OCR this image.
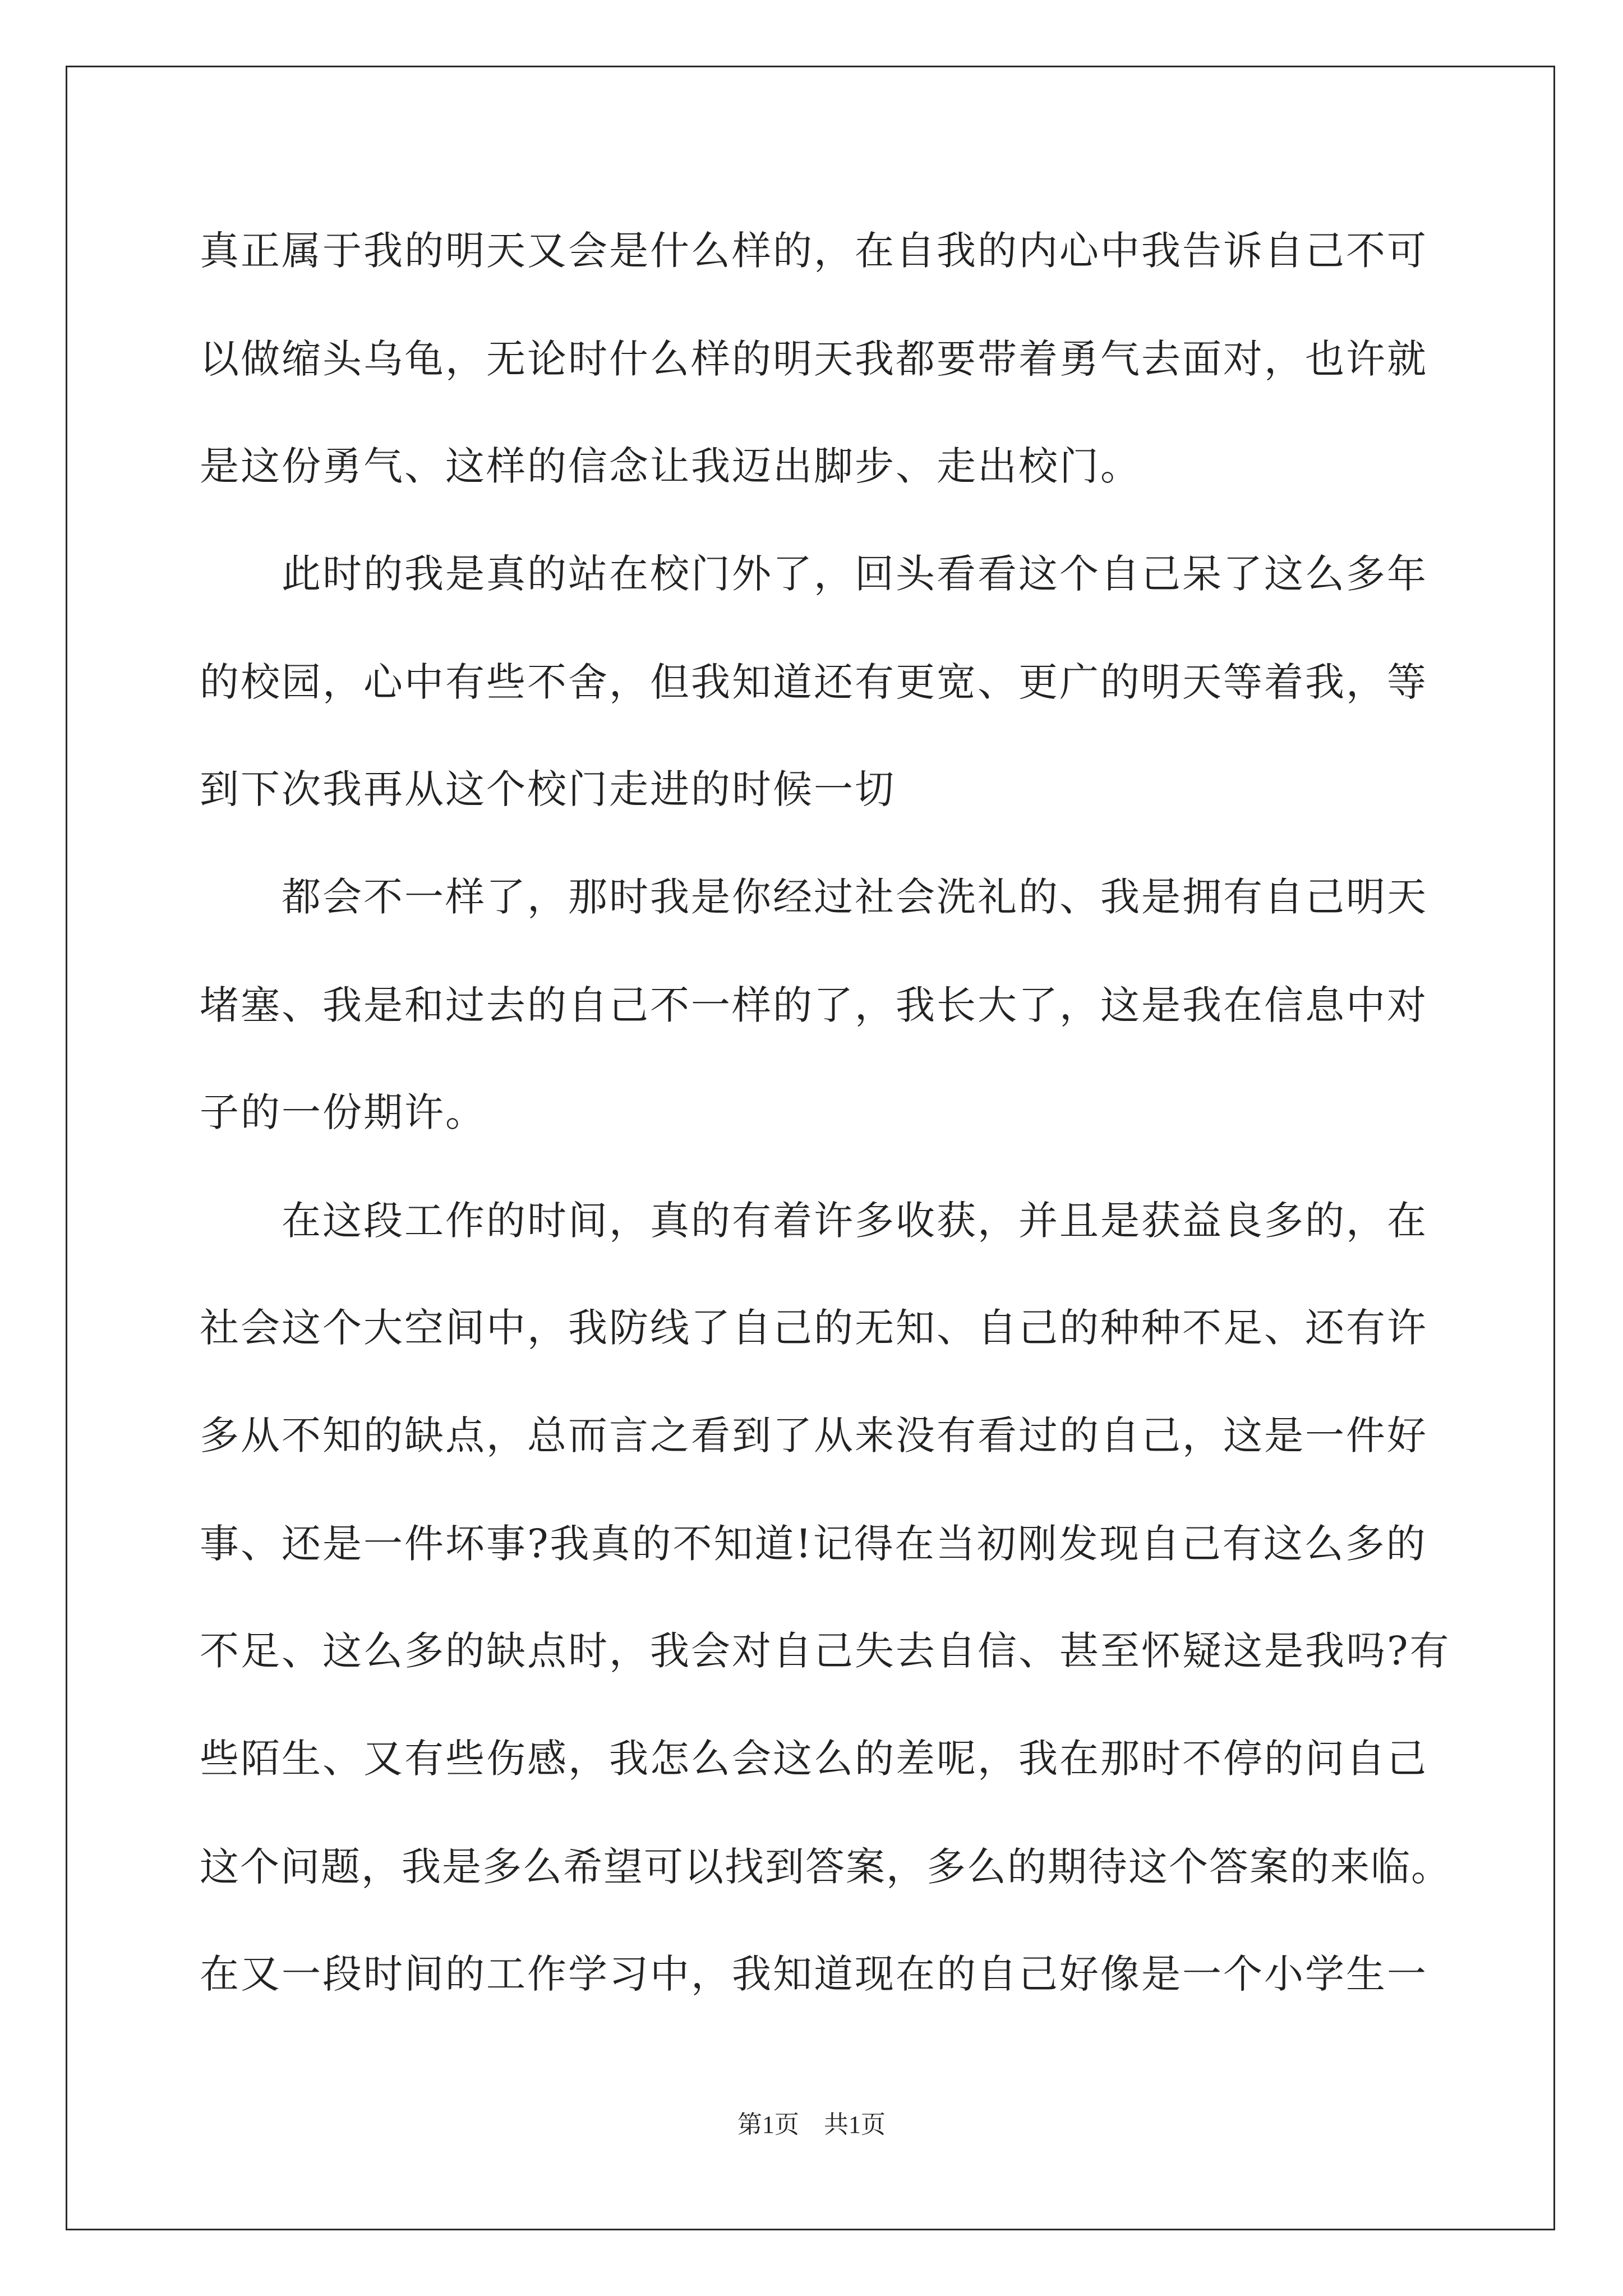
真正属于我的明天又会是什么样的，在自我的内心中我告诉自己不可
以做缩头乌龟，无论时什么样的明天我都要带着勇气去面对，也许就
是这份勇气、这样的信念让我迈出脚步、走出校门。
　　此时的我是真的站在校门外了，回头看看这个自己呆了这么多年
的校园，心中有些不舍，但我知道还有更宽、更广的明天等着我，等
到下次我再从这个校门走进的时候一切
　　都会不一样了，那时我是你经过社会洗礼的、我是拥有自己明天
堵塞、我是和过去的自己不一样的了，我长大了，这是我在信息中对
子的一份期许。
　　在这段工作的时间，真的有着许多收获，并且是获益良多的，在
社会这个大空间中，我防线了自己的无知、自己的种种不足、还有许
多从不知的缺点，总而言之看到了从来没有看过的自己，这是一件好
事、还是一件坏事?我真的不知道!记得在当初刚发现自己有这么多的
不足、这么多的缺点时，我会对自己失去自信、甚至怀疑这是我吗?有
些陌生、又有些伤感，我怎么会这么的差呢，我在那时不停的问自己
这个问题，我是多么希望可以找到答案，多么的期待这个答案的来临。
在又一段时间的工作学习中，我知道现在的自己好像是一个小学生一
第1页 共1页
